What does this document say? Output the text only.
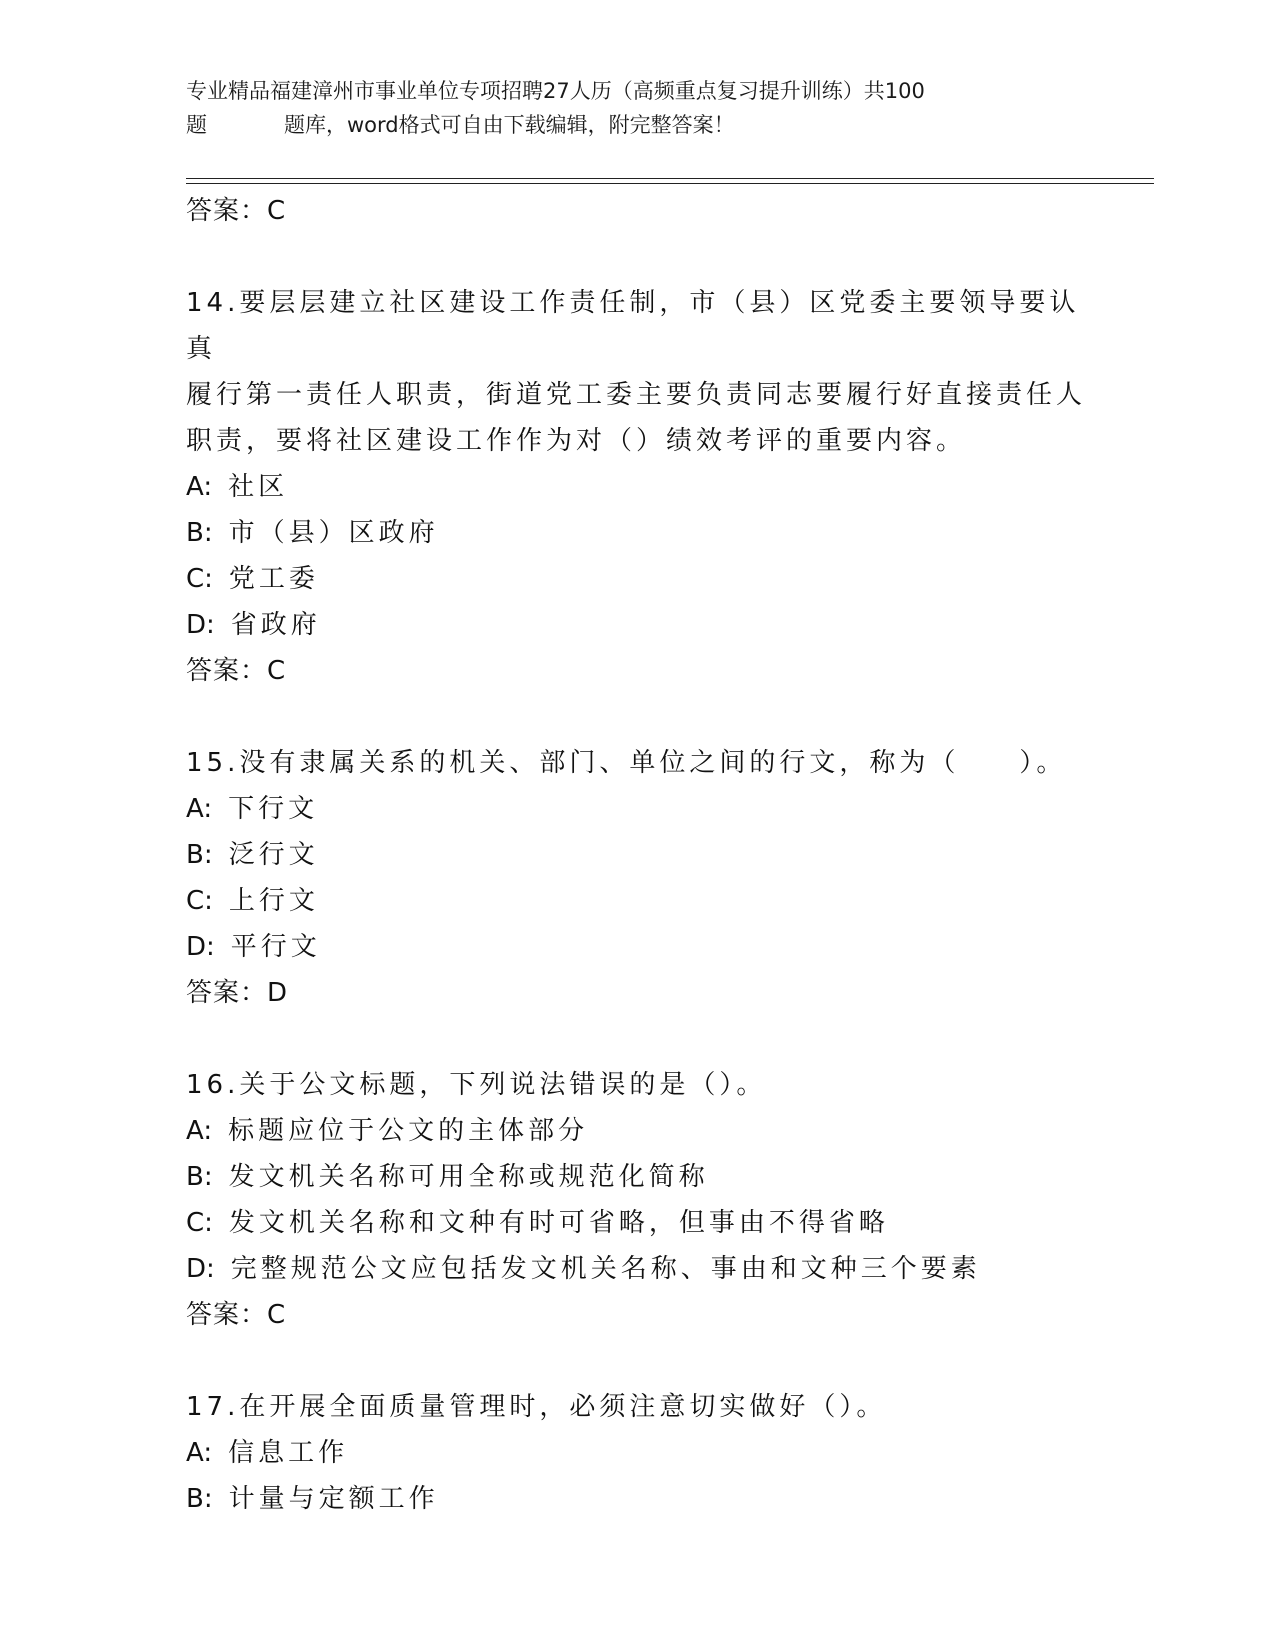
专业精品福建漳州市事业单位专项招聘27人历（高频重点复习提升训练）共100
题	题库，word格式可自由下载编辑，附完整答案！
答案：C
14.要层层建立社区建设工作责任制，市（县）区党委主要领导要认真
履行第一责任人职责，街道党工委主要负责同志要履行好直接责任人
职责，要将社区建设工作作为对（）绩效考评的重要内容。
A: 社区
B: 市（县）区政府
C: 党工委
D: 省政府
答案：C
15.没有隶属关系的机关、部门、单位之间的行文，称为（　　）。
A: 下行文
B: 泛行文
C: 上行文
D: 平行文
答案：D
16.关于公文标题，下列说法错误的是（）。
A: 标题应位于公文的主体部分
B: 发文机关名称可用全称或规范化简称
C: 发文机关名称和文种有时可省略，但事由不得省略
D: 完整规范公文应包括发文机关名称、事由和文种三个要素
答案：C
17.在开展全面质量管理时，必须注意切实做好（）。
A: 信息工作
B: 计量与定额工作
